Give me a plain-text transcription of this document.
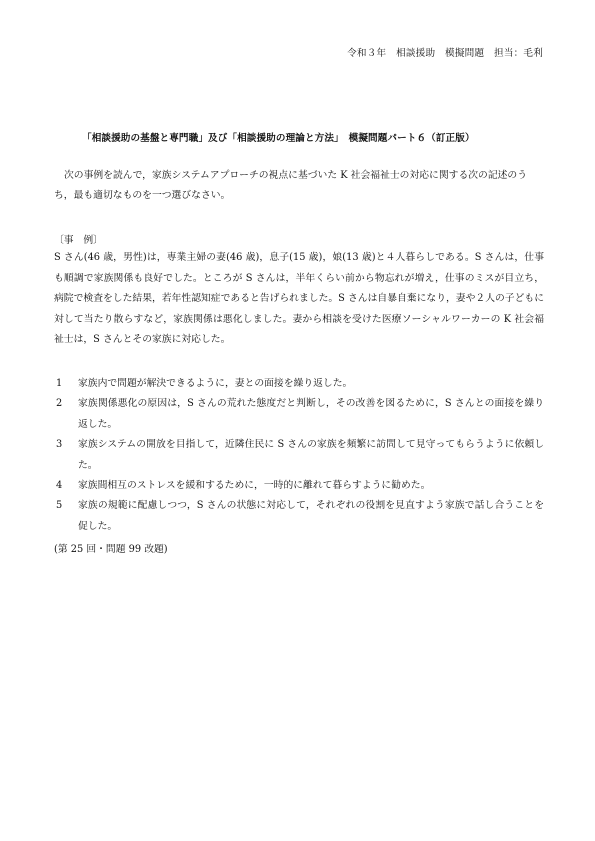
令和３年　相談援助　模擬問題　担当：毛利
「相談援助の基盤と専門職」及び「相談援助の理論と方法」　模擬問題パート６（訂正版）

次の事例を読んで，家族システムアプローチの視点に基づいた K 社会福祉士の対応に関する次の記述のうち，最も適切なものを一つ選びなさい。

〔事　例〕

S さん(46 歳，男性)は，専業主婦の妻(46 歳)，息子(15 歳)，娘(13 歳)と４人暮らしである。S さんは，仕事も順調で家族関係も良好でした。ところが S さんは，半年くらい前から物忘れが増え，仕事のミスが目立ち，病院で検査をした結果，若年性認知症であると告げられました。S さんは自暴自棄になり，妻や２人の子どもに対して当たり散らすなど，家族関係は悪化しました。妻から相談を受けた医療ソーシャルワーカーの K 社会福祉士は，S さんとその家族に対応した。

1	家族内で問題が解決できるように，妻との面接を繰り返した。
2	家族関係悪化の原因は，S さんの荒れた態度だと判断し，その改善を図るために，S さんとの面接を繰り返した。
3	家族システムの開放を目指して，近隣住民に S さんの家族を頻繁に訪問して見守ってもらうように依頼した。
4	家族間相互のストレスを緩和するために，一時的に離れて暮らすように勧めた。
5	家族の規範に配慮しつつ，S さんの状態に対応して，それぞれの役割を見直すよう家族で話し合うことを促した。
(第 25 回・問題 99 改題)
